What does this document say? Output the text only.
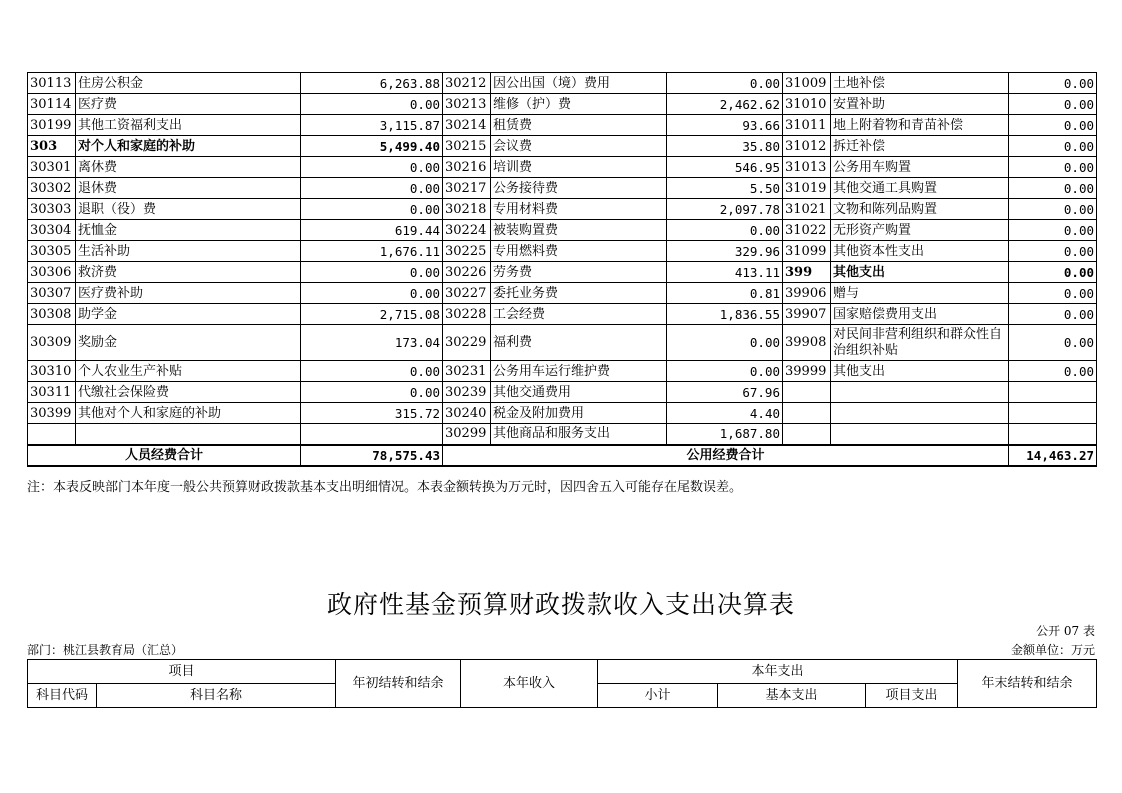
30113	住房公积金	6,263.88	30212	因公出国（境）费用	0.00	31009	土地补偿	0.00
30114	医疗费	0.00	30213	维修（护）费	2,462.62	31010	安置补助	0.00
30199	其他工资福利支出	3,115.87	30214	租赁费	93.66	31011	地上附着物和青苗补偿	0.00
303	对个人和家庭的补助	5,499.40	30215	会议费	35.80	31012	拆迁补偿	0.00
30301	离休费	0.00	30216	培训费	546.95	31013	公务用车购置	0.00
30302	退休费	0.00	30217	公务接待费	5.50	31019	其他交通工具购置	0.00
30303	退职（役）费	0.00	30218	专用材料费	2,097.78	31021	文物和陈列品购置	0.00
30304	抚恤金	619.44	30224	被装购置费	0.00	31022	无形资产购置	0.00
30305	生活补助	1,676.11	30225	专用燃料费	329.96	31099	其他资本性支出	0.00
30306	救济费	0.00	30226	劳务费	413.11	399	其他支出	0.00
30307	医疗费补助	0.00	30227	委托业务费	0.81	39906	赠与	0.00
30308	助学金	2,715.08	30228	工会经费	1,836.55	39907	国家赔偿费用支出	0.00
30309	奖励金	173.04	30229	福利费	0.00	39908	对民间非营利组织和群众性自治组织补贴	0.00
30310	个人农业生产补贴	0.00	30231	公务用车运行维护费	0.00	39999	其他支出	0.00
30311	代缴社会保险费	0.00	30239	其他交通费用	67.96			
30399	其他对个人和家庭的补助	315.72	30240	税金及附加费用	4.40			
			30299	其他商品和服务支出	1,687.80			
人员经费合计		78,575.43	公用经费合计					14,463.27
注：本表反映部门本年度一般公共预算财政拨款基本支出明细情况。本表金额转换为万元时，因四舍五入可能存在尾数误差。
政府性基金预算财政拨款收入支出决算表
公开 07 表
部门：桃江县教育局（汇总）	金额单位：万元
项目		年初结转和结余	本年收入	本年支出			年末结转和结余
科目代码	科目名称			小计	基本支出	项目支出	
